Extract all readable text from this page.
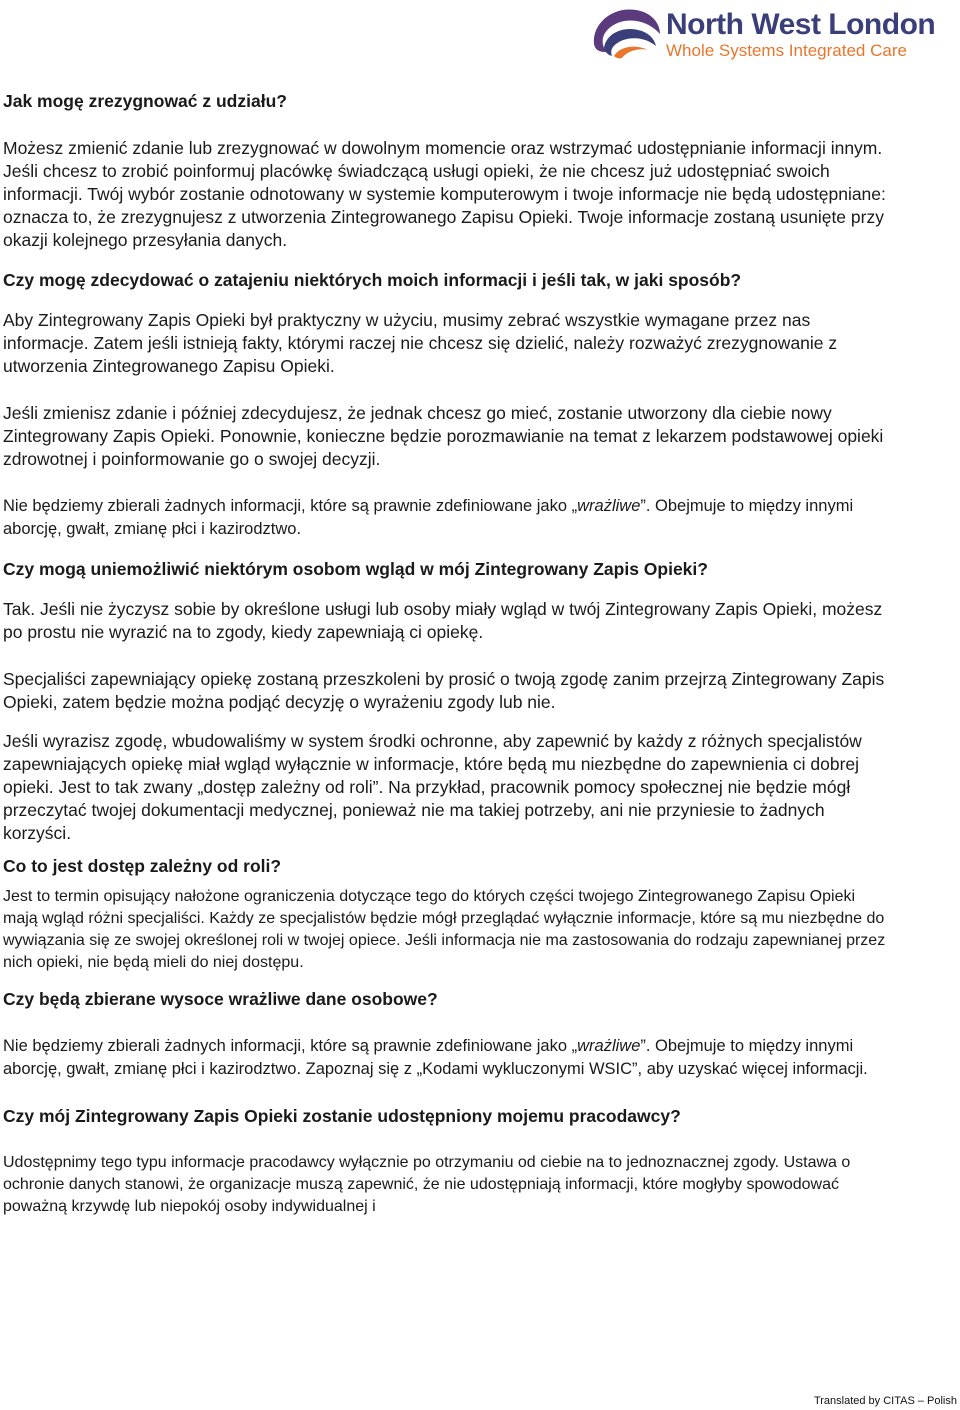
North West London
Whole Systems Integrated Care

Jak mogę zrezygnować z udziału?

Możesz zmienić zdanie lub zrezygnować w dowolnym momencie oraz wstrzymać udostępnianie informacji innym. Jeśli chcesz to zrobić poinformuj placówkę świadczącą usługi opieki, że nie chcesz już udostępniać swoich informacji. Twój wybór zostanie odnotowany w systemie komputerowym i twoje informacje nie będą udostępniane: oznacza to, że zrezygnujesz z utworzenia Zintegrowanego Zapisu Opieki. Twoje informacje zostaną usunięte przy okazji kolejnego przesyłania danych.

Czy mogę zdecydować o zatajeniu niektórych moich informacji i jeśli tak, w jaki sposób?

Aby Zintegrowany Zapis Opieki był praktyczny w użyciu, musimy zebrać wszystkie wymagane przez nas informacje. Zatem jeśli istnieją fakty, którymi raczej nie chcesz się dzielić, należy rozważyć zrezygnowanie z utworzenia Zintegrowanego Zapisu Opieki.

Jeśli zmienisz zdanie i później zdecydujesz, że jednak chcesz go mieć, zostanie utworzony dla ciebie nowy Zintegrowany Zapis Opieki. Ponownie, konieczne będzie porozmawianie na temat z lekarzem podstawowej opieki zdrowotnej i poinformowanie go o swojej decyzji.

Nie będziemy zbierali żadnych informacji, które są prawnie zdefiniowane jako „wrażliwe”. Obejmuje to między innymi aborcję, gwałt, zmianę płci i kazirodztwo.

Czy mogą uniemożliwić niektórym osobom wgląd w mój Zintegrowany Zapis Opieki?

Tak. Jeśli nie życzysz sobie by określone usługi lub osoby miały wgląd w twój Zintegrowany Zapis Opieki, możesz po prostu nie wyrazić na to zgody, kiedy zapewniają ci opiekę.

Specjaliści zapewniający opiekę zostaną przeszkoleni by prosić o twoją zgodę zanim przejrzą Zintegrowany Zapis Opieki, zatem będzie można podjąć decyzję o wyrażeniu zgody lub nie.

Jeśli wyrazisz zgodę, wbudowaliśmy w system środki ochronne, aby zapewnić by każdy z różnych specjalistów zapewniających opiekę miał wgląd wyłącznie w informacje, które będą mu niezbędne do zapewnienia ci dobrej opieki. Jest to tak zwany „dostęp zależny od roli”. Na przykład, pracownik pomocy społecznej nie będzie mógł przeczytać twojej dokumentacji medycznej, ponieważ nie ma takiej potrzeby, ani nie przyniesie to żadnych korzyści.

Co to jest dostęp zależny od roli?

Jest to termin opisujący nałożone ograniczenia dotyczące tego do których części twojego Zintegrowanego Zapisu Opieki mają wgląd różni specjaliści. Każdy ze specjalistów będzie mógł przeglądać wyłącznie informacje, które są mu niezbędne do wywiązania się ze swojej określonej roli w twojej opiece. Jeśli informacja nie ma zastosowania do rodzaju zapewnianej przez nich opieki, nie będą mieli do niej dostępu.

Czy będą zbierane wysoce wrażliwe dane osobowe?

Nie będziemy zbierali żadnych informacji, które są prawnie zdefiniowane jako „wrażliwe”. Obejmuje to między innymi aborcję, gwałt, zmianę płci i kazirodztwo. Zapoznaj się z „Kodami wykluczonymi WSIC”, aby uzyskać więcej informacji.

Czy mój Zintegrowany Zapis Opieki zostanie udostępniony mojemu pracodawcy?

Udostępnimy tego typu informacje pracodawcy wyłącznie po otrzymaniu od ciebie na to jednoznacznej zgody. Ustawa o ochronie danych stanowi, że organizacje muszą zapewnić, że nie udostępniają informacji, które mogłyby spowodować poważną krzywdę lub niepokój osoby indywidualnej i

Translated by CITAS – Polish
